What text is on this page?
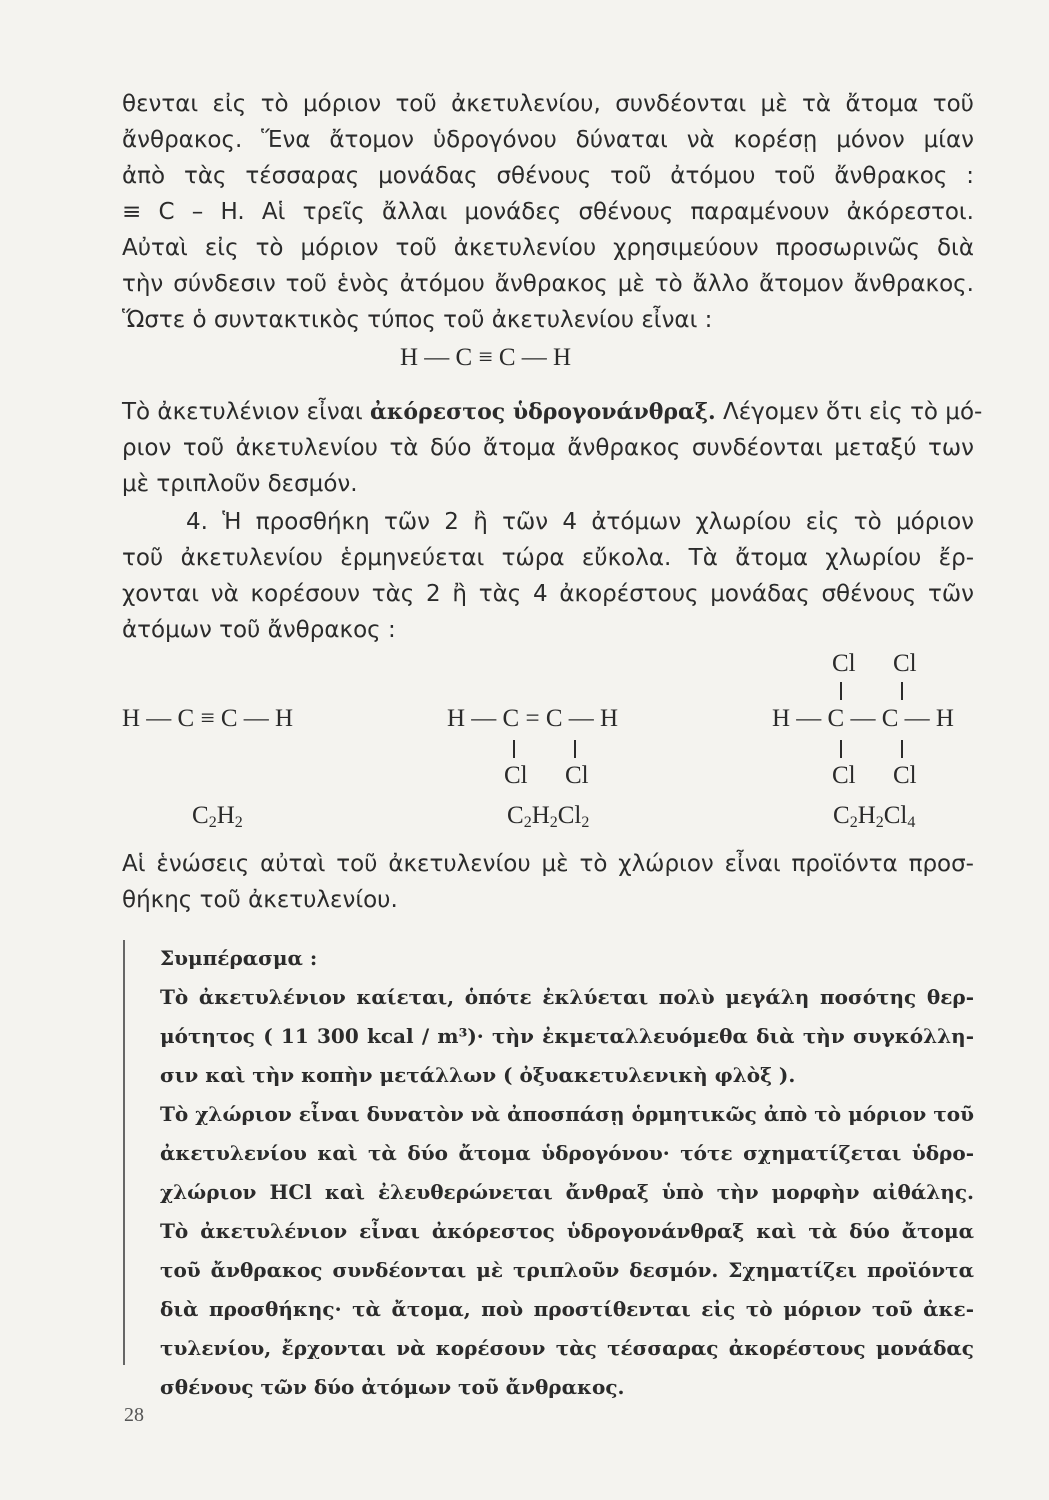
θενται εἰς τὸ μόριον τοῦ ἀκετυλενίου, συνδέονται μὲ τὰ ἄτομα τοῦ
ἄνθρακος. Ἕνα ἄτομον ὑδρογόνου δύναται νὰ κορέσῃ μόνον μίαν
ἀπὸ τὰς τέσσαρας μονάδας σθένους τοῦ ἀτόμου τοῦ ἄνθρακος :
≡ C – H. Αἱ τρεῖς ἄλλαι μονάδες σθένους παραμένουν ἀκόρεστοι.
Αὐταὶ εἰς τὸ μόριον τοῦ ἀκετυλενίου χρησιμεύουν προσωρινῶς διὰ
τὴν σύνδεσιν τοῦ ἑνὸς ἀτόμου ἄνθρακος μὲ τὸ ἄλλο ἄτομον ἄνθρακος.
Ὥστε ὁ συντακτικὸς τύπος τοῦ ἀκετυλενίου εἶναι :
H — C ≡ C — H
Τὸ ἀκετυλένιον εἶναι ἀκόρεστος ὑδρογονάνθραξ. Λέγομεν ὅτι εἰς τὸ μό-
ριον τοῦ ἀκετυλενίου τὰ δύο ἄτομα ἄνθρακος συνδέονται μεταξύ των
μὲ τριπλοῦν δεσμόν.
4. Ἡ προσθήκη τῶν 2 ἢ τῶν 4 ἀτόμων χλωρίου εἰς τὸ μόριον
τοῦ ἀκετυλενίου ἑρμηνεύεται τώρα εὔκολα. Τὰ ἄτομα χλωρίου ἔρ-
χονται νὰ κορέσουν τὰς 2 ἢ τὰς 4 ἀκορέστους μονάδας σθένους τῶν
ἀτόμων τοῦ ἄνθρακος :
H — C ≡ C — H
$C_2H_2$
H — C = C — H
Cl Cl
$C_2H_2Cl_2$
Cl Cl
H — C — C — H
Cl Cl
$C_2H_2Cl_4$
Αἱ ἑνώσεις αὐταὶ τοῦ ἀκετυλενίου μὲ τὸ χλώριον εἶναι προϊόντα προσ-
θήκης τοῦ ἀκετυλενίου.
Συμπέρασμα :
Τὸ ἀκετυλένιον καίεται, ὁπότε ἐκλύεται πολὺ μεγάλη ποσότης θερ-
μότητος ( 11 300 kcal / m³)· τὴν ἐκμεταλλευόμεθα διὰ τὴν συγκόλλη-
σιν καὶ τὴν κοπὴν μετάλλων ( ὀξυακετυλενικὴ φλὸξ ).
Τὸ χλώριον εἶναι δυνατὸν νὰ ἀποσπάσῃ ὁρμητικῶς ἀπὸ τὸ μόριον τοῦ
ἀκετυλενίου καὶ τὰ δύο ἄτομα ὑδρογόνου· τότε σχηματίζεται ὑδρο-
χλώριον HCl καὶ ἐλευθερώνεται ἄνθραξ ὑπὸ τὴν μορφὴν αἰθάλης.
Τὸ ἀκετυλένιον εἶναι ἀκόρεστος ὑδρογονάνθραξ καὶ τὰ δύο ἄτομα
τοῦ ἄνθρακος συνδέονται μὲ τριπλοῦν δεσμόν. Σχηματίζει προϊόντα
διὰ προσθήκης· τὰ ἄτομα, ποὺ προστίθενται εἰς τὸ μόριον τοῦ ἀκε-
τυλενίου, ἔρχονται νὰ κορέσουν τὰς τέσσαρας ἀκορέστους μονάδας
σθένους τῶν δύο ἀτόμων τοῦ ἄνθρακος.
28
